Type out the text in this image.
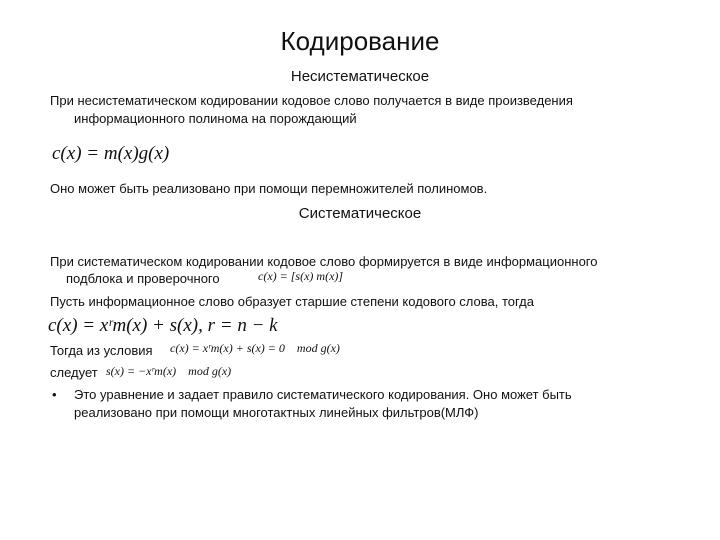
Кодирование
Несистематическое
При несистематическом кодировании кодовое слово получается в виде произведения
информационного полинома на порождающий
c(x) = m(x)g(x)
Оно может быть реализовано при помощи перемножителей полиномов.
Систематическое
При систематическом кодировании кодовое слово формируется в виде информационного
подблока и проверочного	c(x) = [s(x) m(x)]
Пусть информационное слово образует старшие степени кодового слова, тогда
c(x) = xʳm(x) + s(x), r = n − k
Тогда из условия c(x) = xʳm(x) + s(x) = 0    mod g(x)
следует s(x) = −xʳm(x)    mod g(x)
• Это уравнение и задает правило систематического кодирования. Оно может быть
реализовано при помощи многотактных линейных фильтров(МЛФ)
